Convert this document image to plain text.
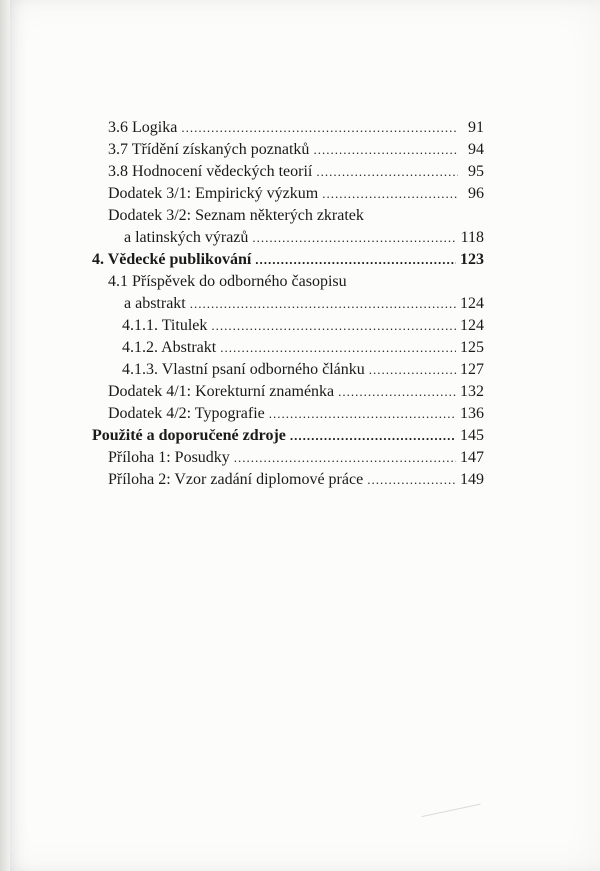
3.6 Logika .....	91
3.7 Třídění získaných poznatků .....	94
3.8 Hodnocení vědeckých teorií .....	95
Dodatek 3/1: Empirický výzkum .....	96
Dodatek 3/2: Seznam některých zkratek
a latinských výrazů .....	118
4. Vědecké publikování .....	123
4.1 Příspěvek do odborného časopisu
a abstrakt .....	124
4.1.1. Titulek .....	124
4.1.2. Abstrakt .....	125
4.1.3. Vlastní psaní odborného článku .....	127
Dodatek 4/1: Korekturní znaménka .....	132
Dodatek 4/2: Typografie .....	136
Použité a doporučené zdroje .....	145
Příloha 1: Posudky .....	147
Příloha 2: Vzor zadání diplomové práce .....	149
